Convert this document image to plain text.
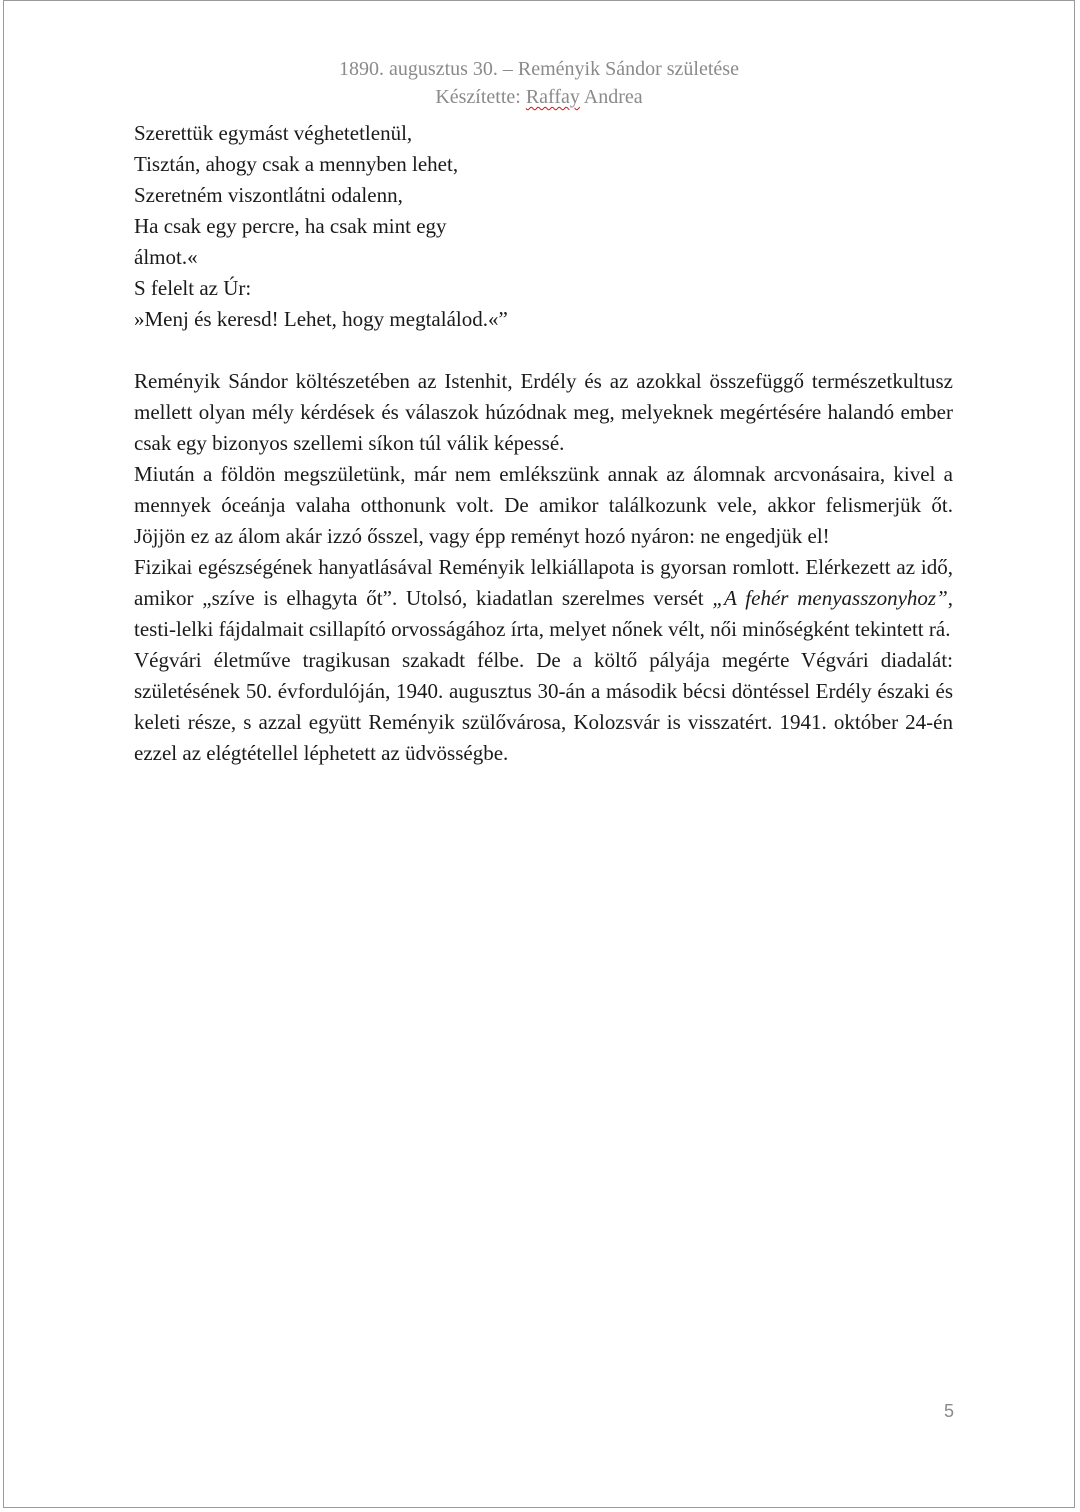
1890. augusztus 30. – Reményik Sándor születése
Készítette: Raffay Andrea
Szerettük egymást véghetetlenül,
Tisztán, ahogy csak a mennyben lehet,
Szeretném viszontlátni odalenn,
Ha csak egy percre, ha csak mint egy
álmot.«
S felelt az Úr:
»Menj és keresd! Lehet, hogy megtalálod.«”

Reményik Sándor költészetében az Istenhit, Erdély és az azokkal összefüggő természetkultusz mellett olyan mély kérdések és válaszok húzódnak meg, melyeknek megértésére halandó ember csak egy bizonyos szellemi síkon túl válik képessé.

Miután a földön megszületünk, már nem emlékszünk annak az álomnak arcvonásaira, kivel a mennyek óceánja valaha otthonunk volt. De amikor találkozunk vele, akkor felismerjük őt. Jöjjön ez az álom akár izzó ősszel, vagy épp reményt hozó nyáron: ne engedjük el!

Fizikai egészségének hanyatlásával Reményik lelkiállapota is gyorsan romlott. Elérkezett az idő, amikor „szíve is elhagyta őt”. Utolsó, kiadatlan szerelmes versét „A fehér menyasszonyhoz”, testi-lelki fájdalmait csillapító orvosságához írta, melyet nőnek vélt, női minőségként tekintett rá.

Végvári életműve tragikusan szakadt félbe. De a költő pályája megérte Végvári diadalát: születésének 50. évfordulóján, 1940. augusztus 30-án a második bécsi döntéssel Erdély északi és keleti része, s azzal együtt Reményik szülővárosa, Kolozsvár is visszatért. 1941. október 24-én ezzel az elégtétellel léphetett az üdvösségbe.

5
